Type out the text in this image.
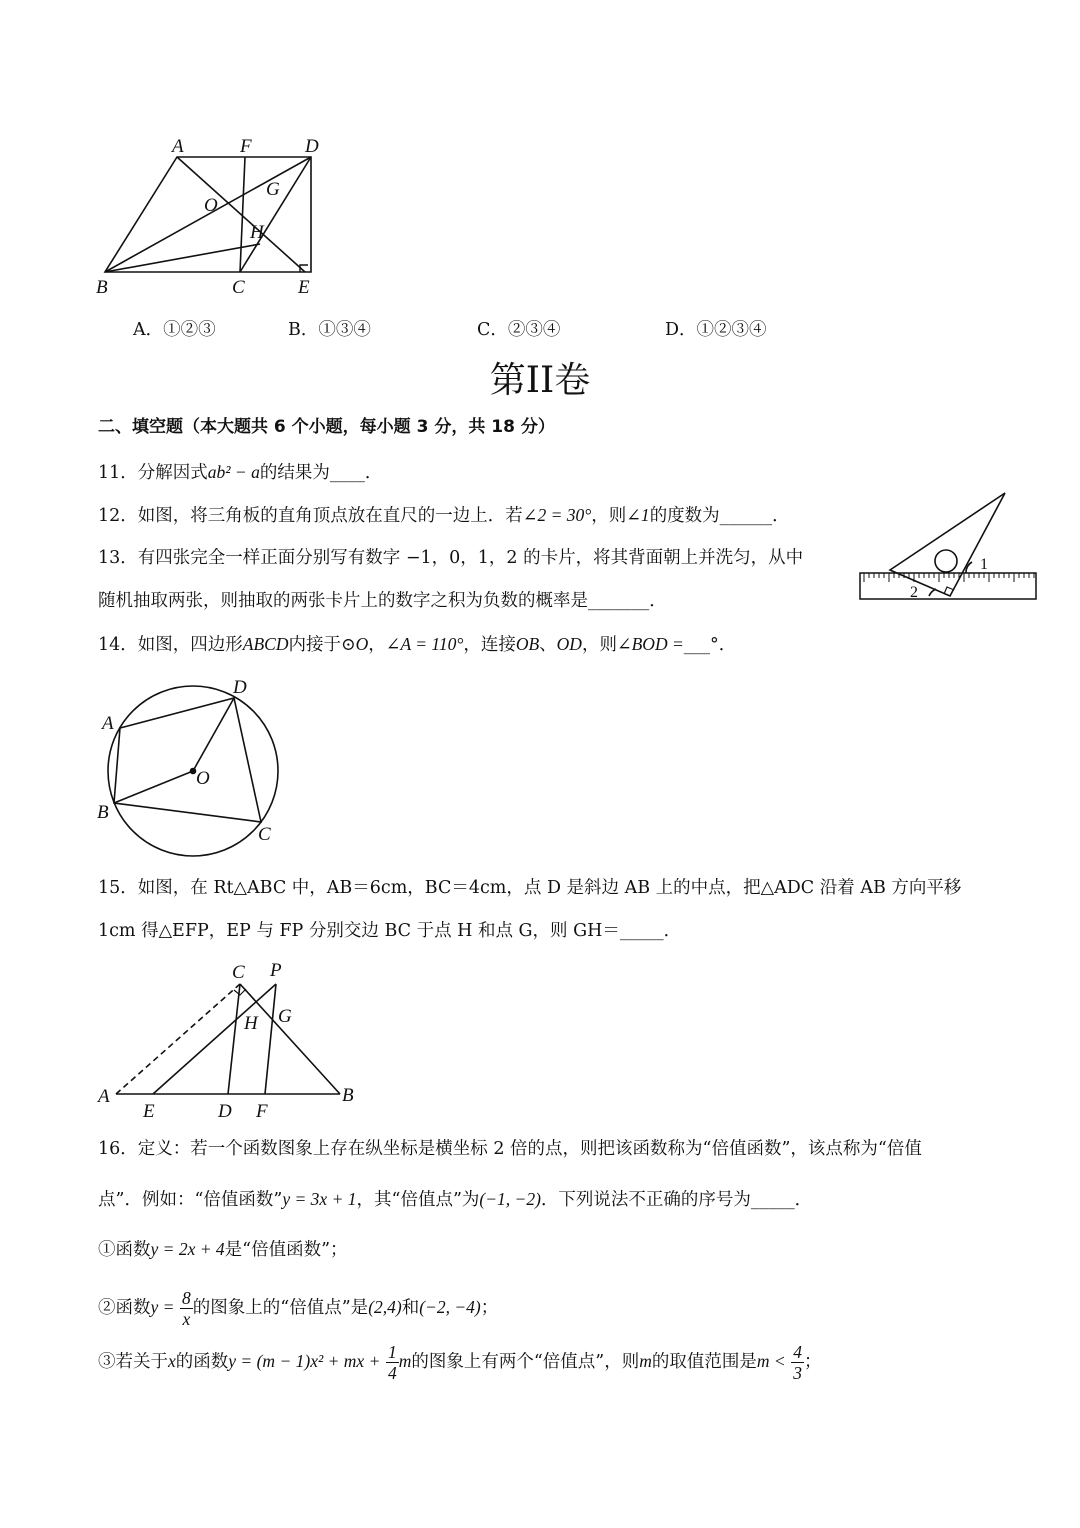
A	F	D
G
O
H
B	C	E
A．①②③	B．①③④	C．②③④	D．①②③④
第II卷
二、填空题（本大题共 6 个小题，每小题 3 分，共 18 分）
11．分解因式ab² − a的结果为____．
12．如图，将三角板的直角顶点放在直尺的一边上．若∠2 = 30°，则∠1的度数为______．
13．有四张完全一样正面分别写有数字 −1，0，1，2 的卡片，将其背面朝上并洗匀，从中
随机抽取两张，则抽取的两张卡片上的数字之积为负数的概率是_______．
1
2
14．如图，四边形ABCD内接于⊙O，∠A = 110°，连接OB、OD，则∠BOD =___°．
D
A
O
B
C
15．如图，在 Rt△ABC 中，AB＝6cm，BC＝4cm，点 D 是斜边 AB 上的中点，把△ADC 沿着 AB 方向平移
1cm 得△EFP，EP 与 FP 分别交边 BC 于点 H 和点 G，则 GH＝_____．
C P
H G
A
E	D F
B
16．定义：若一个函数图象上存在纵坐标是横坐标 2 倍的点，则把该函数称为“倍值函数”，该点称为“倍值
点”．例如：“倍值函数”y = 3x + 1，其“倍值点”为(−1, −2)．下列说法不正确的序号为_____．
①函数y = 2x + 4是“倍值函数”；
②函数$y = \frac{8}{x}$ 的图象上的“倍值点”是(2,4)和(−2, −4)；
③若关于x的函数y = (m − 1)x² + mx + $\frac{1}{4}$ m的图象上有两个“倍值点”，则m的取值范围是$m < \frac{4}{3}$ ；
